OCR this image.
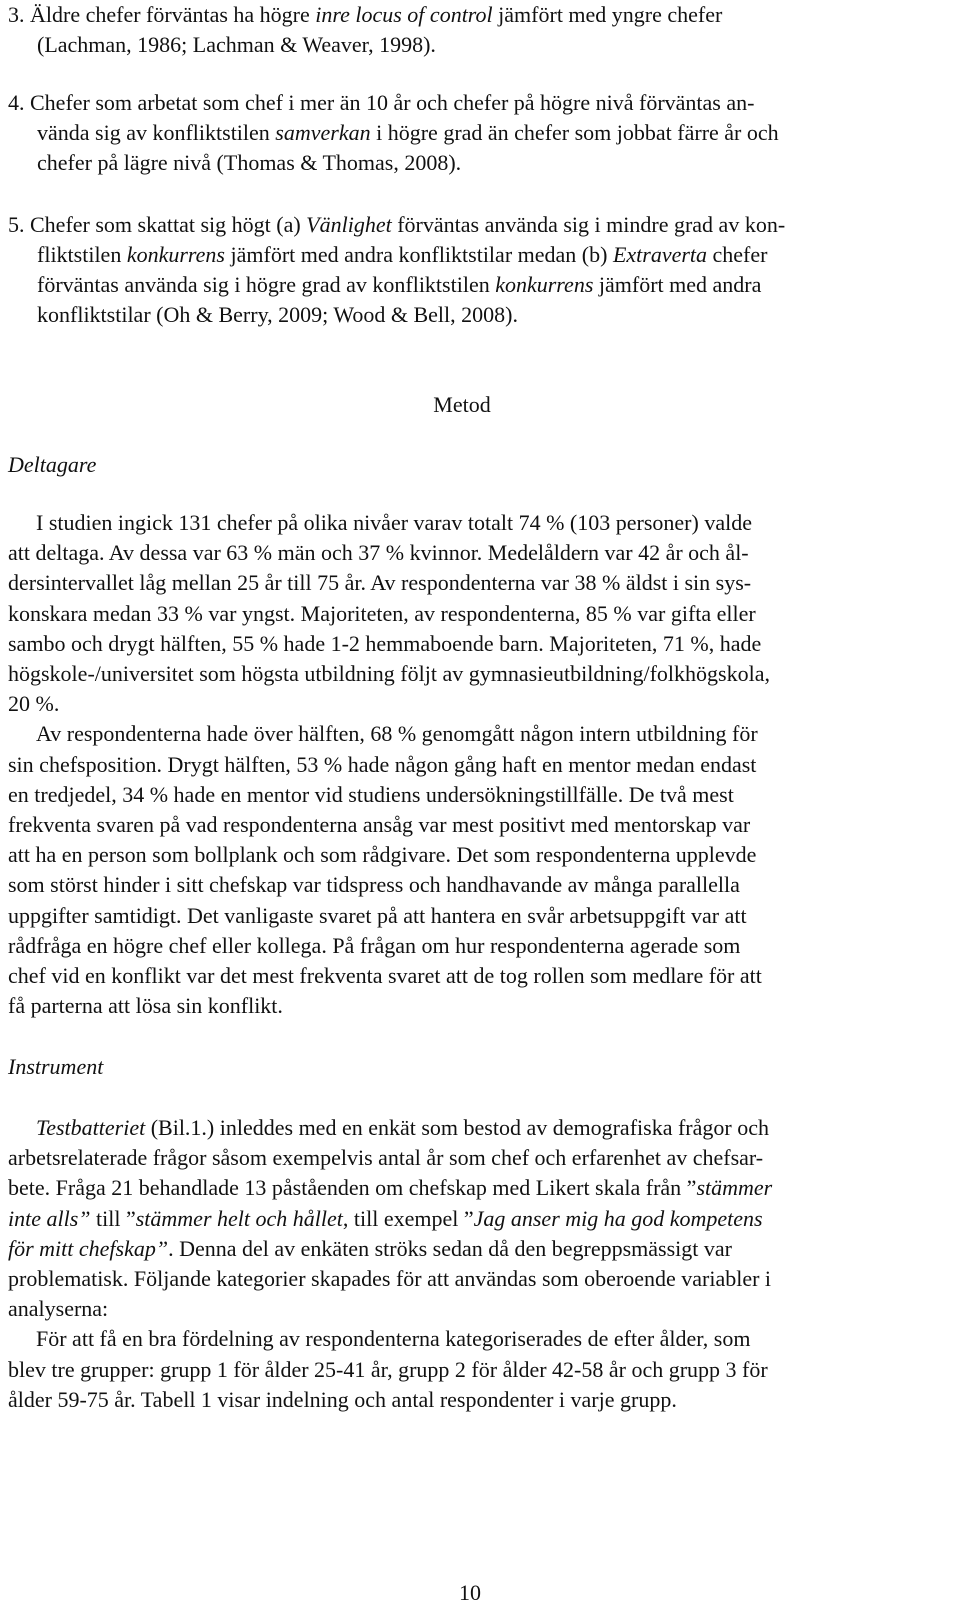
3. Äldre chefer förväntas ha högre inre locus of control jämfört med yngre chefer
(Lachman, 1986; Lachman & Weaver, 1998).
4. Chefer som arbetat som chef i mer än 10 år och chefer på högre nivå förväntas an-
vända sig av konfliktstilen samverkan i högre grad än chefer som jobbat färre år och
chefer på lägre nivå (Thomas & Thomas, 2008).
5. Chefer som skattat sig högt (a) Vänlighet förväntas använda sig i mindre grad av kon-
fliktstilen konkurrens jämfört med andra konfliktstilar medan (b) Extraverta chefer
förväntas använda sig i högre grad av konfliktstilen konkurrens jämfört med andra
konfliktstilar (Oh & Berry, 2009; Wood & Bell, 2008).
Metod
Deltagare
I studien ingick 131 chefer på olika nivåer varav totalt 74 % (103 personer) valde
att deltaga. Av dessa var 63 % män och 37 % kvinnor. Medelåldern var 42 år och ål-
dersintervallet låg mellan 25 år till 75 år. Av respondenterna var 38 % äldst i sin sys-
konskara medan 33 % var yngst. Majoriteten, av respondenterna, 85 % var gifta eller
sambo och drygt hälften, 55 % hade 1-2 hemmaboende barn. Majoriteten, 71 %, hade
högskole-/universitet som högsta utbildning följt av gymnasieutbildning/folkhögskola,
20 %.
Av respondenterna hade över hälften, 68 % genomgått någon intern utbildning för
sin chefsposition. Drygt hälften, 53 % hade någon gång haft en mentor medan endast
en tredjedel, 34 % hade en mentor vid studiens undersökningstillfälle. De två mest
frekventa svaren på vad respondenterna ansåg var mest positivt med mentorskap var
att ha en person som bollplank och som rådgivare. Det som respondenterna upplevde
som störst hinder i sitt chefskap var tidspress och handhavande av många parallella
uppgifter samtidigt. Det vanligaste svaret på att hantera en svår arbetsuppgift var att
rådfråga en högre chef eller kollega. På frågan om hur respondenterna agerade som
chef vid en konflikt var det mest frekventa svaret att de tog rollen som medlare för att
få parterna att lösa sin konflikt.
Instrument
Testbatteriet (Bil.1.) inleddes med en enkät som bestod av demografiska frågor och
arbetsrelaterade frågor såsom exempelvis antal år som chef och erfarenhet av chefsar-
bete. Fråga 21 behandlade 13 påståenden om chefskap med Likert skala från ”stämmer
inte alls” till ”stämmer helt och hållet, till exempel ”Jag anser mig ha god kompetens
för mitt chefskap”. Denna del av enkäten ströks sedan då den begreppsmässigt var
problematisk. Följande kategorier skapades för att användas som oberoende variabler i
analyserna:
För att få en bra fördelning av respondenterna kategoriserades de efter ålder, som
blev tre grupper: grupp 1 för ålder 25-41 år, grupp 2 för ålder 42-58 år och grupp 3 för
ålder 59-75 år. Tabell 1 visar indelning och antal respondenter i varje grupp.
10
